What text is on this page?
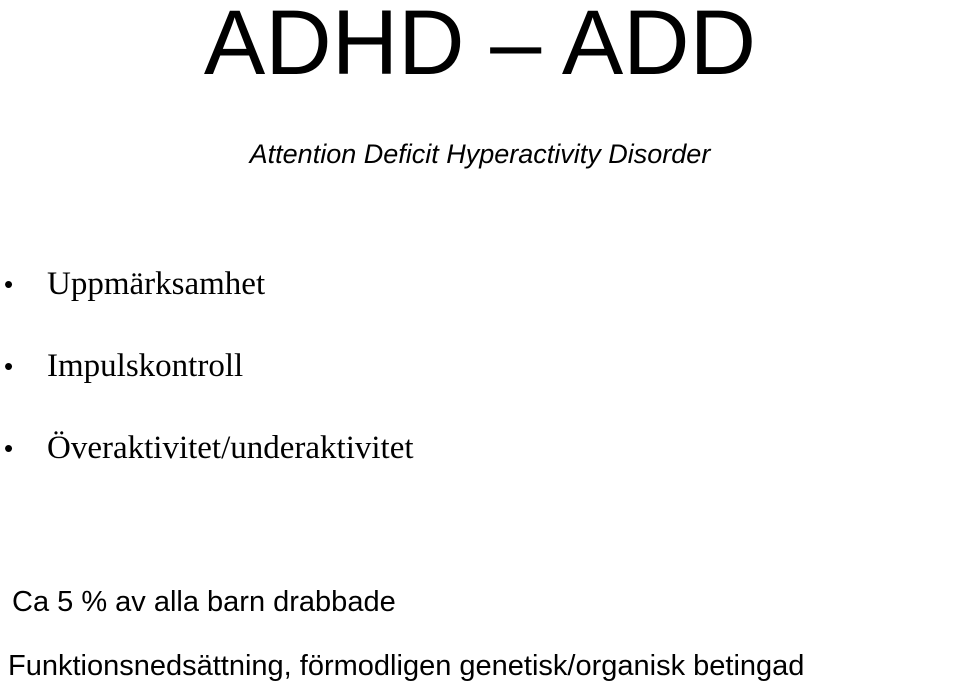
ADHD – ADD
Attention Deficit Hyperactivity Disorder
• Uppmärksamhet
• Impulskontroll
• Överaktivitet/underaktivitet
Ca 5 % av alla barn drabbade
Funktionsnedsättning, förmodligen genetisk/organisk betingad
